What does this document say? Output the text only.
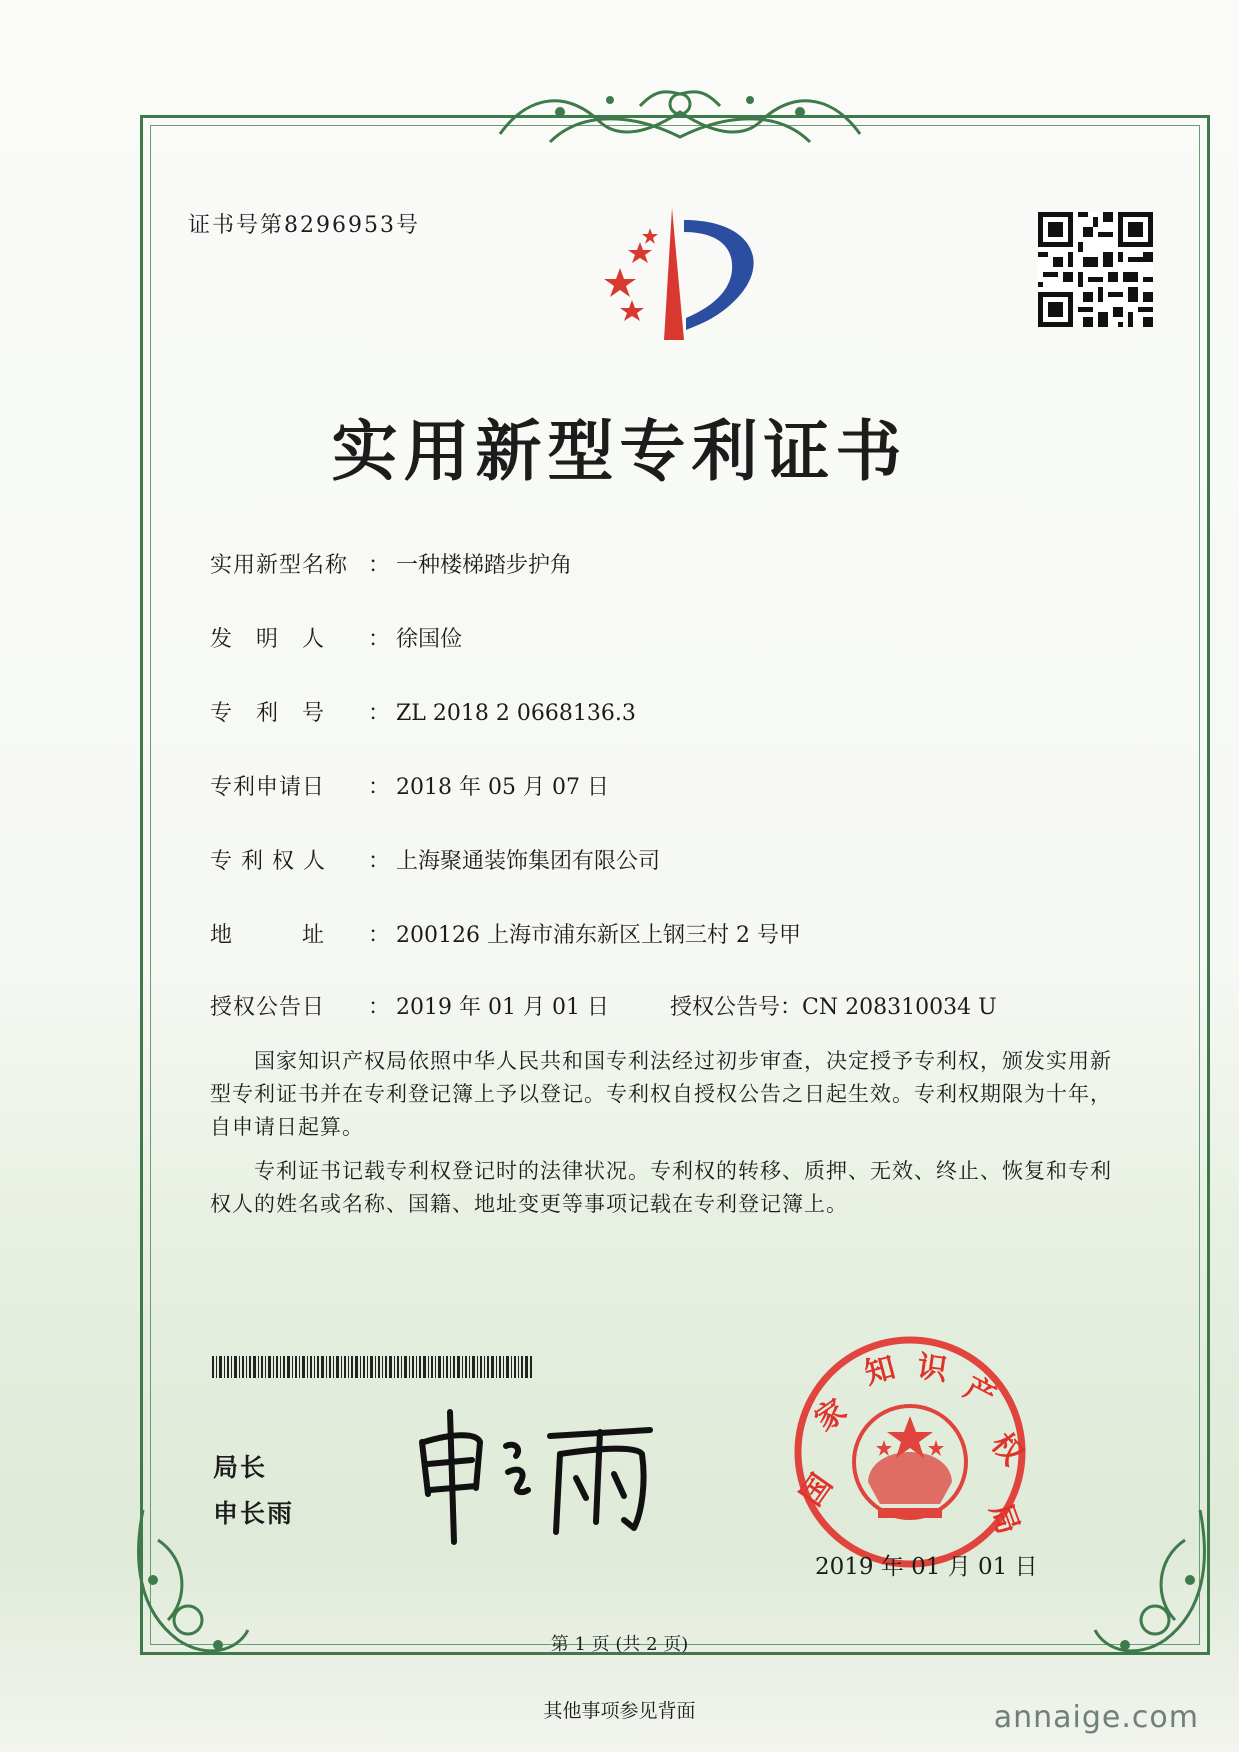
证书号第8296953号
实用新型专利证书
实用新型名称 ： 一种楼梯踏步护角
发　明　人 ： 徐国俭
专　利　号 ： ZL 2018 2 0668136.3
专利申请日 ： 2018 年 05 月 07 日
专 利 权 人 ： 上海聚通装饰集团有限公司
地　　　址 ： 200126 上海市浦东新区上钢三村 2 号甲
授权公告日 ： 2019 年 01 月 01 日	授权公告号：CN 208310034 U
国家知识产权局依照中华人民共和国专利法经过初步审查，决定授予专利权，颁发实用新型专利证书并在专利登记簿上予以登记。专利权自授权公告之日起生效。专利权期限为十年，自申请日起算。
专利证书记载专利权登记时的法律状况。专利权的转移、质押、无效、终止、恢复和专利权人的姓名或名称、国籍、地址变更等事项记载在专利登记簿上。
局长
申长雨
国
家
知 识
产
权
局
2019 年 01 月 01 日
第 1 页 (共 2 页)
其他事项参见背面	annaige.com
